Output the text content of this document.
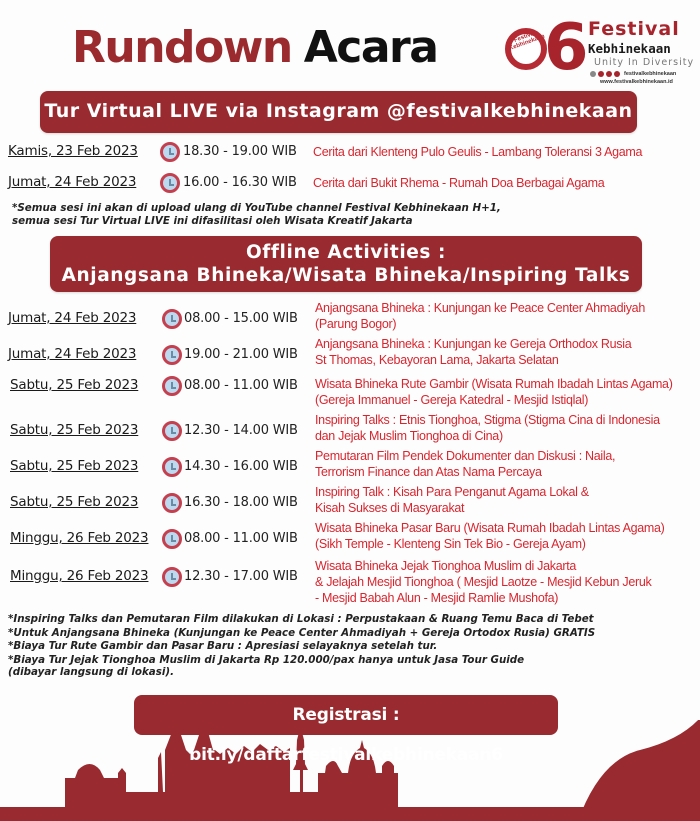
Rundown Acara	Festival Kebhinekaan
6 Festival
Kebhinekaan
Unity In Diversity
festivalkebhinekaan
www.festivalkebhinekaan.id
Tur Virtual LIVE via Instagram @festivalkebhinekaan
Kamis, 23 Feb 2023	18.30 - 19.00 WIB Cerita dari Klenteng Pulo Geulis - Lambang Toleransi 3 Agama
Jumat, 24 Feb 2023	16.00 - 16.30 WIB Cerita dari Bukit Rhema - Rumah Doa Berbagai Agama
*Semua sesi ini akan di upload ulang di YouTube channel Festival Kebhinekaan H+1,
semua sesi Tur Virtual LIVE ini difasilitasi oleh Wisata Kreatif Jakarta
Offline Activities :
Anjangsana Bhineka/Wisata Bhineka/Inspiring Talks
Jumat, 24 Feb 2023	08.00 - 15.00 WIB
Anjangsana Bhineka : Kunjungan ke Peace Center Ahmadiyah
(Parung Bogor)
Jumat, 24 Feb 2023	19.00 - 21.00 WIB
Anjangsana Bhineka : Kunjungan ke Gereja Orthodox Rusia
St Thomas, Kebayoran Lama, Jakarta Selatan
Sabtu, 25 Feb 2023	08.00 - 11.00 WIB Wisata Bhineka Rute Gambir (Wisata Rumah Ibadah Lintas Agama)
(Gereja Immanuel - Gereja Katedral - Mesjid Istiqlal)
Sabtu, 25 Feb 2023	12.30 - 14.00 WIB
Inspiring Talks : Etnis Tionghoa, Stigma (Stigma Cina di Indonesia
dan Jejak Muslim Tionghoa di Cina)
Sabtu, 25 Feb 2023	14.30 - 16.00 WIB
Pemutaran Film Pendek Dokumenter dan Diskusi : Naila,
Terrorism Finance dan Atas Nama Percaya
Sabtu, 25 Feb 2023	16.30 - 18.00 WIB
Inspiring Talk : Kisah Para Penganut Agama Lokal &
Kisah Sukses di Masyarakat
Minggu, 26 Feb 2023	08.00 - 11.00 WIB
Wisata Bhineka Pasar Baru (Wisata Rumah Ibadah Lintas Agama)
(Sikh Temple - Klenteng Sin Tek Bio - Gereja Ayam)
Minggu, 26 Feb 2023	12.30 - 17.00 WIB
Wisata Bhineka Jejak Tionghoa Muslim di Jakarta
& Jelajah Mesjid Tionghoa ( Mesjid Laotze - Mesjid Kebun Jeruk
- Mesjid Babah Alun - Mesjid Ramlie Mushofa)
*Inspiring Talks dan Pemutaran Film dilakukan di Lokasi : Perpustakaan & Ruang Temu Baca di Tebet
*Untuk Anjangsana Bhineka (Kunjungan ke Peace Center Ahmadiyah + Gereja Ortodox Rusia) GRATIS
*Biaya Tur Rute Gambir dan Pasar Baru : Apresiasi selayaknya setelah tur.
*Biaya Tur Jejak Tionghoa Muslim di Jakarta Rp 120.000/pax hanya untuk Jasa Tour Guide
(dibayar langsung di lokasi).
Registrasi : bit.ly/daftarfestivalkebhinekaan6
